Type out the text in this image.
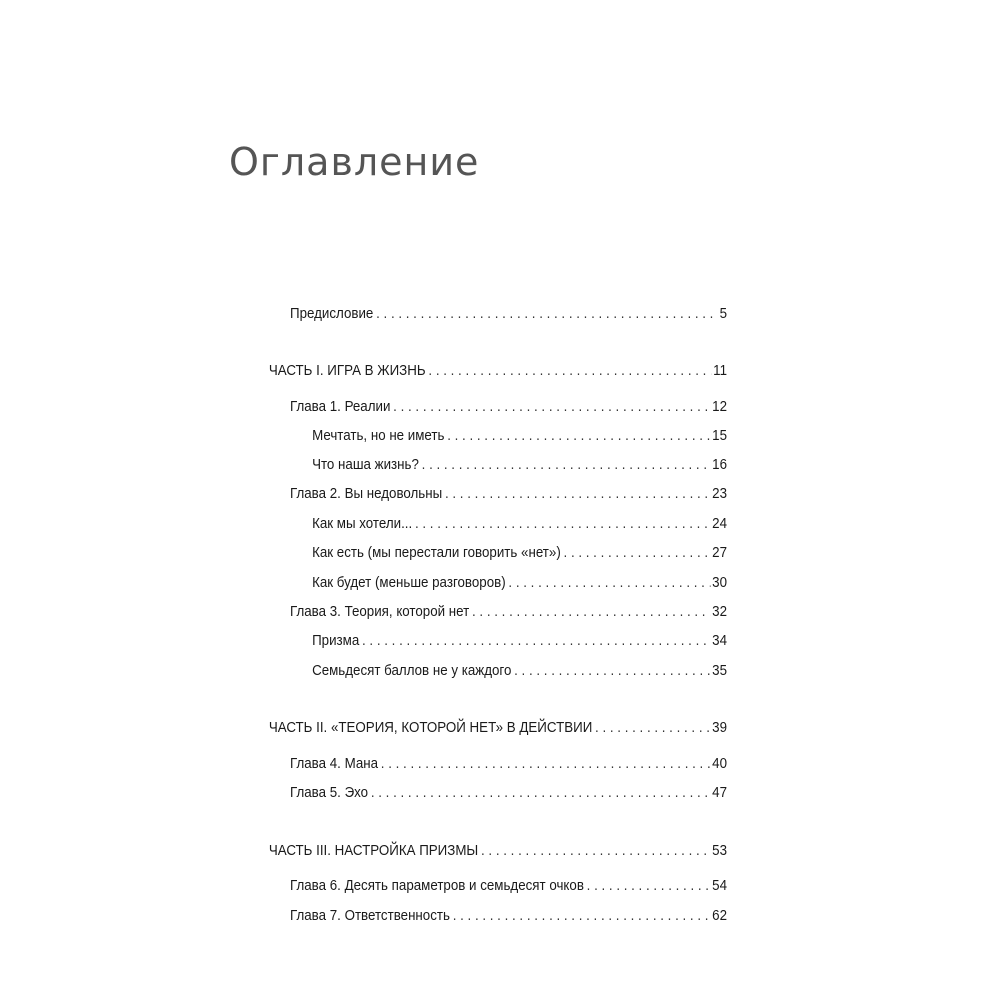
Оглавление
Предисловие . . .	5
ЧАСТЬ I. ИГРА В ЖИЗНЬ . . .	11
Глава 1. Реалии . . .	12
Мечтать, но не иметь . . .	15
Что наша жизнь? . . .	16
Глава 2. Вы недовольны . . .	23
Как мы хотели... . . .	24
Как есть (мы перестали говорить «нет») . . .	27
Как будет (меньше разговоров) . . .	30
Глава 3. Теория, которой нет . . .	32
Призма . . .	34
Семьдесят баллов не у каждого . . .	35
ЧАСТЬ II. «ТЕОРИЯ, КОТОРОЙ НЕТ» В ДЕЙСТВИИ . . .	39
Глава 4. Мана . . .	40
Глава 5. Эхо . . .	47
ЧАСТЬ III. НАСТРОЙКА ПРИЗМЫ . . .	53
Глава 6. Десять параметров и семьдесят очков . . .	54
Глава 7. Ответственность . . .	62
